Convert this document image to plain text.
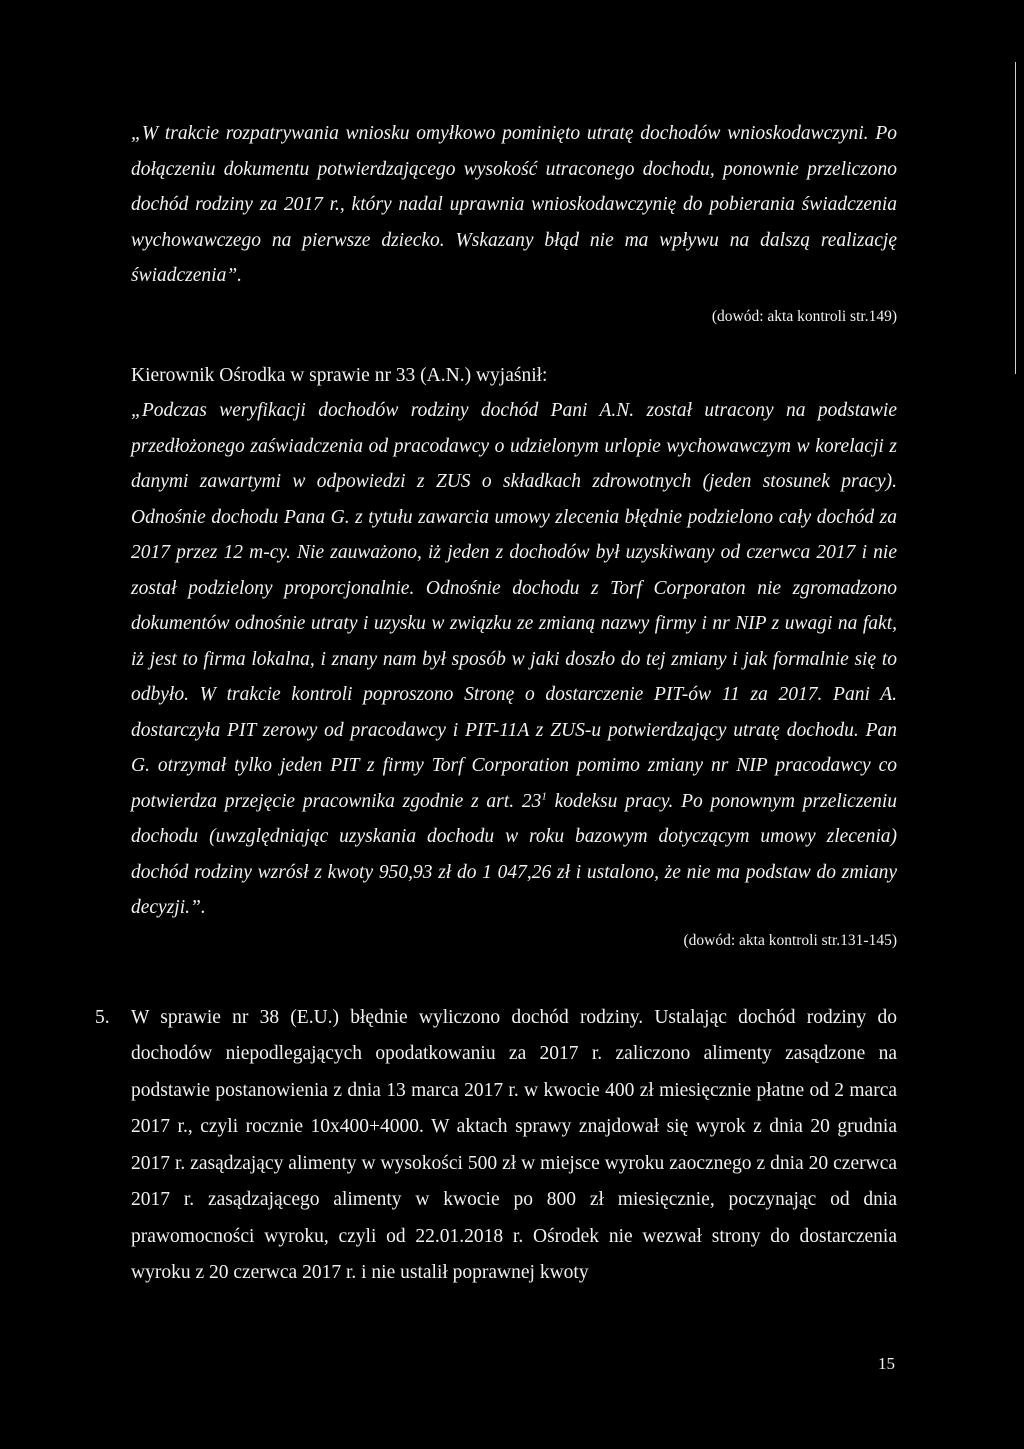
„W trakcie rozpatrywania wniosku omyłkowo pominięto utratę dochodów wnioskodawczyni. Po dołączeniu dokumentu potwierdzającego wysokość utraconego dochodu, ponownie przeliczono dochód rodziny za 2017 r., który nadal uprawnia wnioskodawczynię do pobierania świadczenia wychowawczego na pierwsze dziecko. Wskazany błąd nie ma wpływu na dalszą realizację świadczenia”.

(dowód: akta kontroli str.149)

Kierownik Ośrodka w sprawie nr 33 (A.N.) wyjaśnił:

„Podczas weryfikacji dochodów rodziny dochód Pani A.N. został utracony na podstawie przedłożonego zaświadczenia od pracodawcy o udzielonym urlopie wychowawczym w korelacji z danymi zawartymi w odpowiedzi z ZUS o składkach zdrowotnych (jeden stosunek pracy). Odnośnie dochodu Pana G. z tytułu zawarcia umowy zlecenia błędnie podzielono cały dochód za 2017 przez 12 m-cy. Nie zauważono, iż jeden z dochodów był uzyskiwany od czerwca 2017 i nie został podzielony proporcjonalnie. Odnośnie dochodu z Torf Corporaton nie zgromadzono dokumentów odnośnie utraty i uzysku w związku ze zmianą nazwy firmy i nr NIP z uwagi na fakt, iż jest to firma lokalna, i znany nam był sposób w jaki doszło do tej zmiany i jak formalnie się to odbyło. W trakcie kontroli poproszono Stronę o dostarczenie PIT-ów 11 za 2017. Pani A. dostarczyła PIT zerowy od pracodawcy i PIT-11A z ZUS-u potwierdzający utratę dochodu. Pan G. otrzymał tylko jeden PIT z firmy Torf Corporation pomimo zmiany nr NIP pracodawcy co potwierdza przejęcie pracownika zgodnie z art. $23^1$ kodeksu pracy. Po ponownym przeliczeniu dochodu (uwzględniając uzyskania dochodu w roku bazowym dotyczącym umowy zlecenia) dochód rodziny wzrósł z kwoty 950,93 zł do 1 047,26 zł i ustalono, że nie ma podstaw do zmiany decyzji.”.

(dowód: akta kontroli str.131-145)

5. W sprawie nr 38 (E.U.) błędnie wyliczono dochód rodziny. Ustalając dochód rodziny do dochodów niepodlegających opodatkowaniu za 2017 r. zaliczono alimenty zasądzone na podstawie postanowienia z dnia 13 marca 2017 r. w kwocie 400 zł miesięcznie płatne od 2 marca 2017 r., czyli rocznie 10x400+4000. W aktach sprawy znajdował się wyrok z dnia 20 grudnia 2017 r. zasądzający alimenty w wysokości 500 zł w miejsce wyroku zaocznego z dnia 20 czerwca 2017 r. zasądzającego alimenty w kwocie po 800 zł miesięcznie, poczynając od dnia prawomocności wyroku, czyli od 22.01.2018 r. Ośrodek nie wezwał strony do dostarczenia wyroku z 20 czerwca 2017 r. i nie ustalił poprawnej kwoty

15
